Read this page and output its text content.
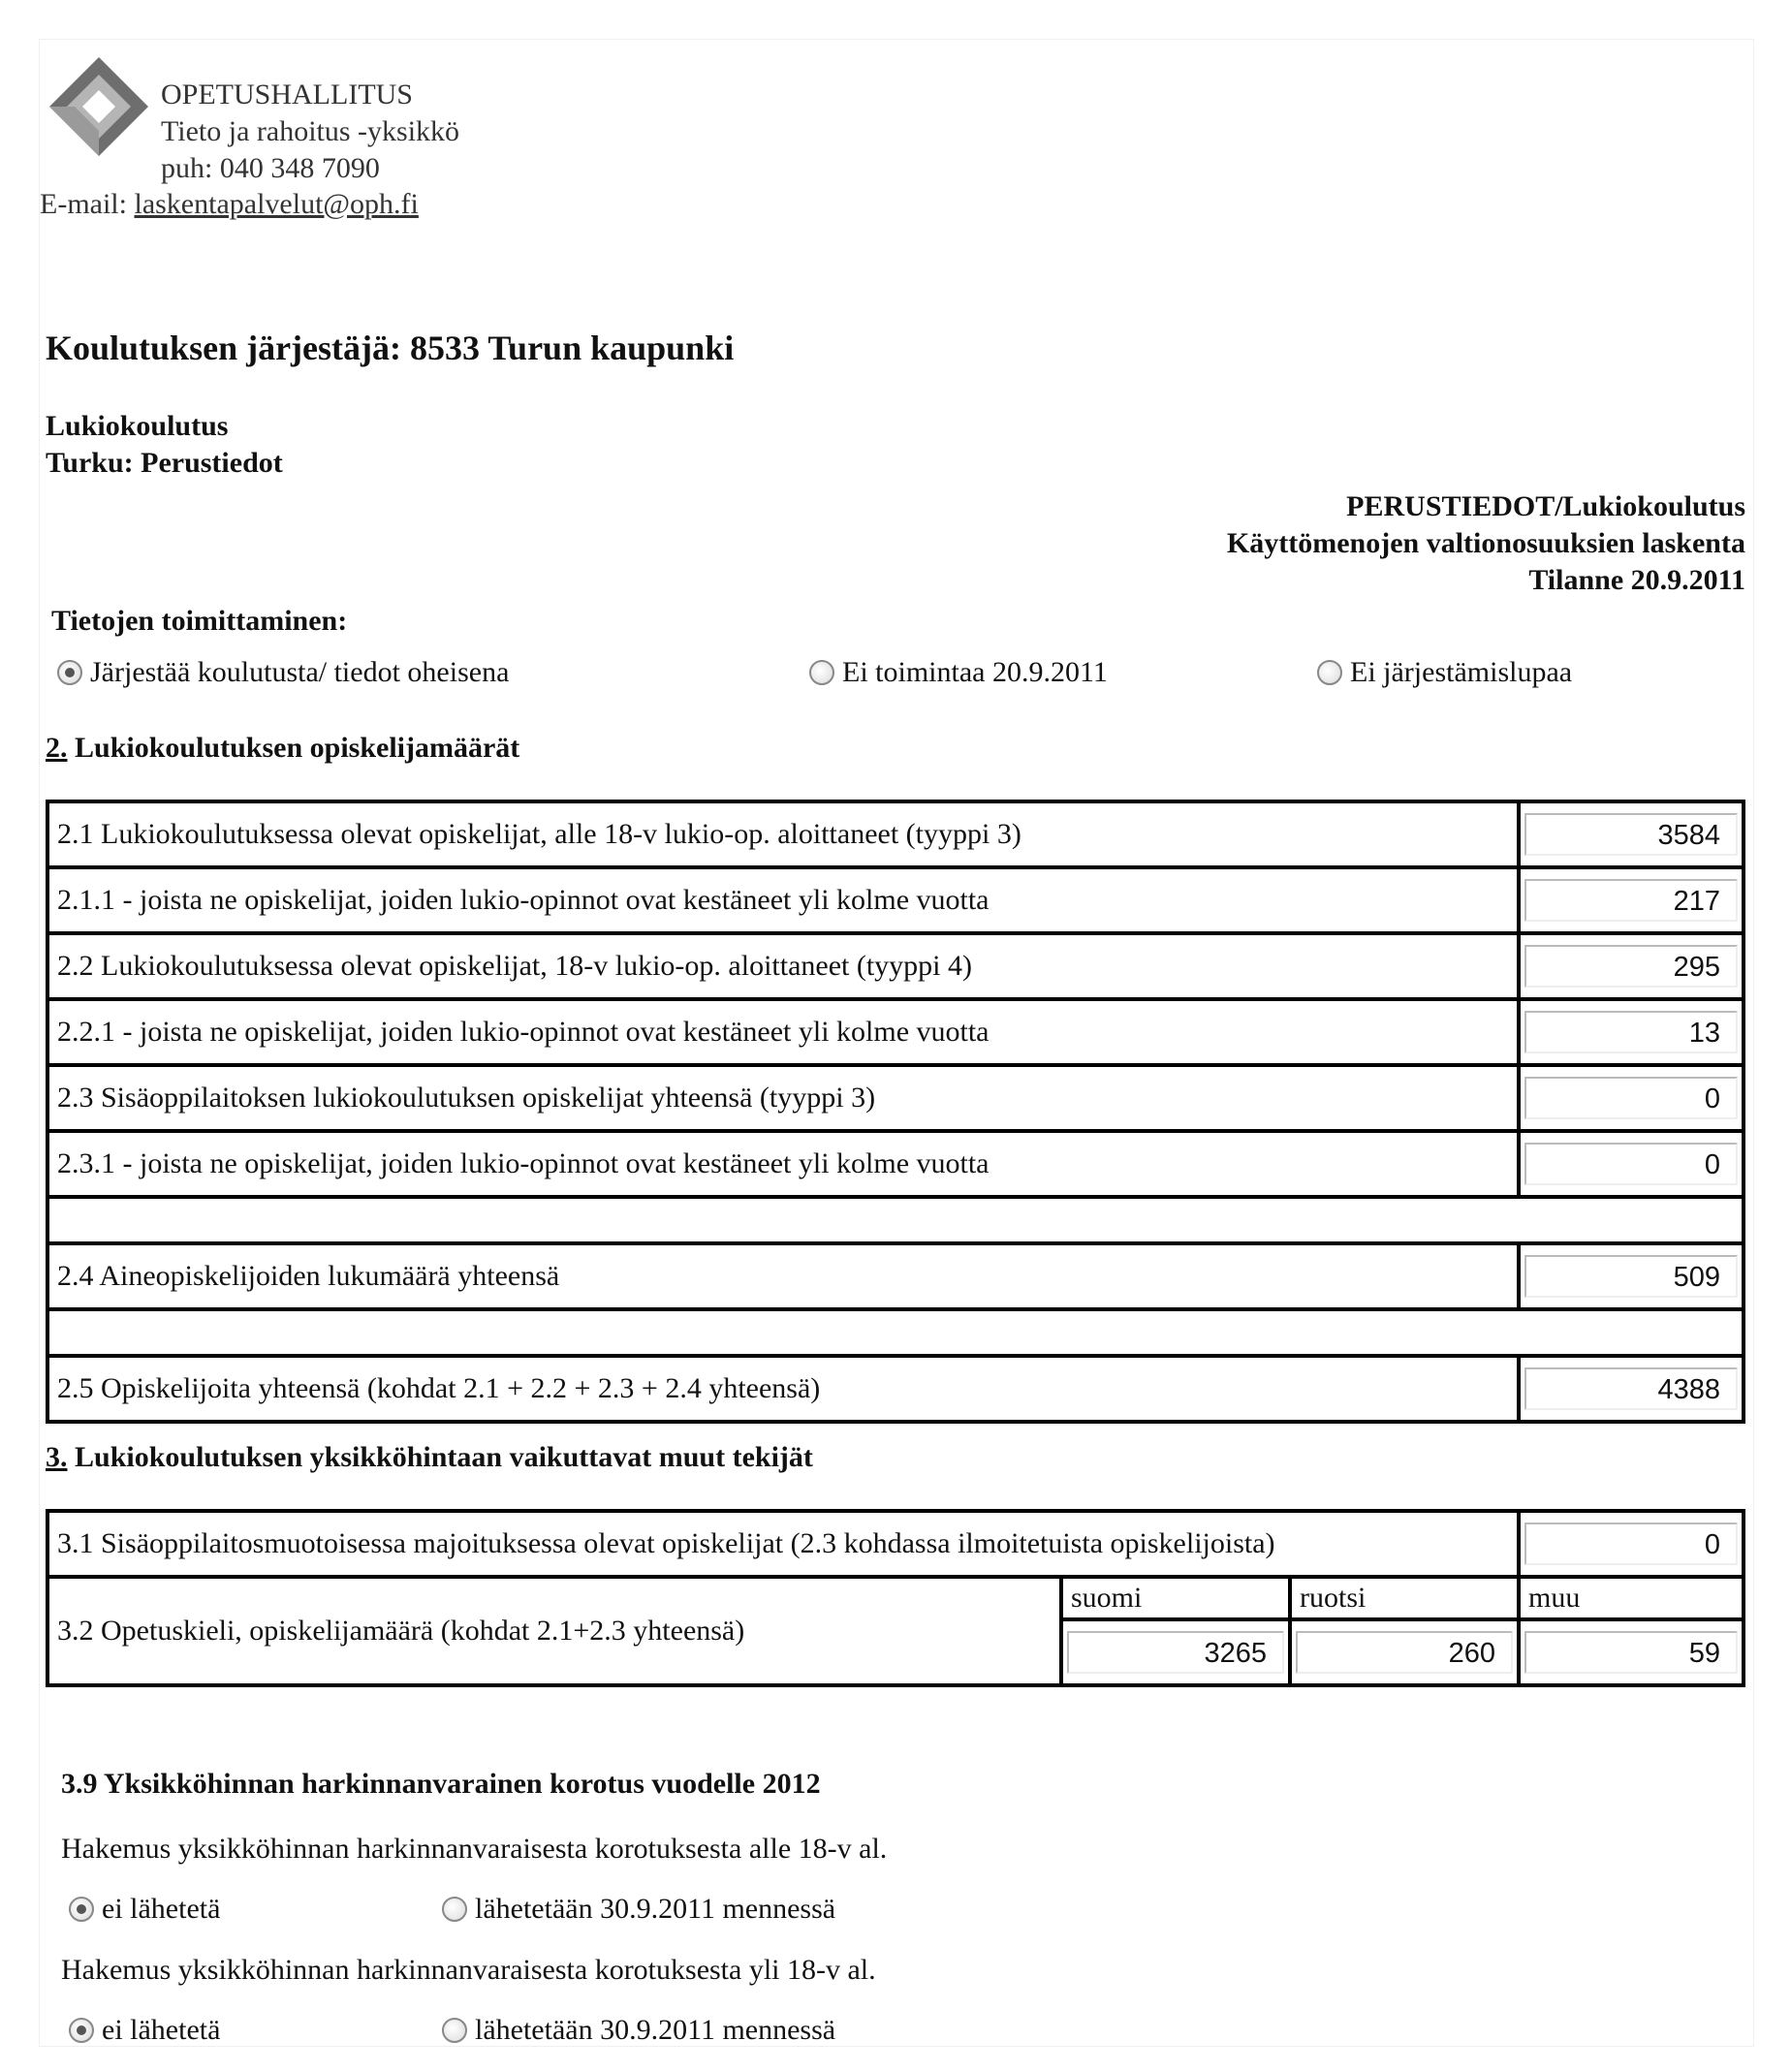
OPETUSHALLITUS
Tieto ja rahoitus -yksikkö
puh: 040 348 7090
E-mail: laskentapalvelut@oph.fi
Koulutuksen järjestäjä: 8533 Turun kaupunki
Lukiokoulutus
Turku: Perustiedot
PERUSTIEDOT/Lukiokoulutus
Käyttömenojen valtionosuuksien laskenta
Tilanne 20.9.2011
Tietojen toimittaminen:
Järjestää koulutusta/ tiedot oheisena	Ei toimintaa 20.9.2011	Ei järjestämislupaa
2. Lukiokoulutuksen opiskelijamäärät
2.1 Lukiokoulutuksessa olevat opiskelijat, alle 18-v lukio-op. aloittaneet (tyyppi 3)	3584

2.1.1 - joista ne opiskelijat, joiden lukio-opinnot ovat kestäneet yli kolme vuotta	217

2.2 Lukiokoulutuksessa olevat opiskelijat, 18-v lukio-op. aloittaneet (tyyppi 4)	295

2.2.1 - joista ne opiskelijat, joiden lukio-opinnot ovat kestäneet yli kolme vuotta	13

2.3 Sisäoppilaitoksen lukiokoulutuksen opiskelijat yhteensä (tyyppi 3)	0

2.3.1 - joista ne opiskelijat, joiden lukio-opinnot ovat kestäneet yli kolme vuotta	0

2.4 Aineopiskelijoiden lukumäärä yhteensä	509

2.5 Opiskelijoita yhteensä (kohdat 2.1 + 2.2 + 2.3 + 2.4 yhteensä)	4388
3. Lukiokoulutuksen yksikköhintaan vaikuttavat muut tekijät
3.1 Sisäoppilaitosmuotoisessa majoituksessa olevat opiskelijat (2.3 kohdassa ilmoitetuista opiskelijoista)			0

3.2 Opetuskieli, opiskelijamäärä (kohdat 2.1+2.3 yhteensä)	suomi	ruotsi	muu

	3265	260	59
3.9 Yksikköhinnan harkinnanvarainen korotus vuodelle 2012
Hakemus yksikköhinnan harkinnanvaraisesta korotuksesta alle 18-v al.
ei lähetetä	lähetetään 30.9.2011 mennessä
Hakemus yksikköhinnan harkinnanvaraisesta korotuksesta yli 18-v al.
ei lähetetä	lähetetään 30.9.2011 mennessä
